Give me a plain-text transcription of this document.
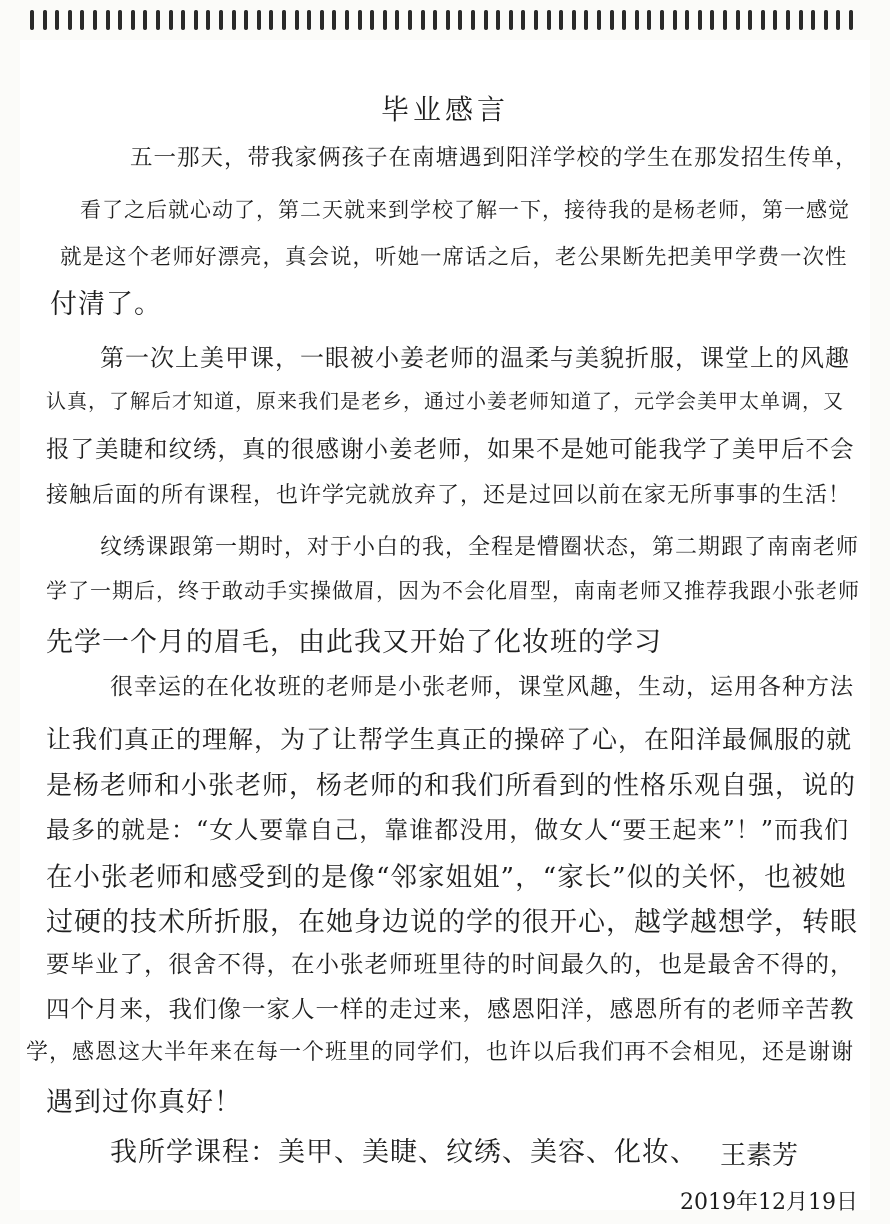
毕业感言
五一那天，带我家俩孩子在南塘遇到阳洋学校的学生在那发招生传单，
看了之后就心动了，第二天就来到学校了解一下，接待我的是杨老师，第一感觉
就是这个老师好漂亮，真会说，听她一席话之后，老公果断先把美甲学费一次性
付清了。
第一次上美甲课，一眼被小姜老师的温柔与美貌折服，课堂上的风趣
认真，了解后才知道，原来我们是老乡，通过小姜老师知道了，元学会美甲太单调，又
报了美睫和纹绣，真的很感谢小姜老师，如果不是她可能我学了美甲后不会
接触后面的所有课程，也许学完就放弃了，还是过回以前在家无所事事的生活！
纹绣课跟第一期时，对于小白的我，全程是懵圈状态，第二期跟了南南老师
学了一期后，终于敢动手实操做眉，因为不会化眉型，南南老师又推荐我跟小张老师
先学一个月的眉毛，由此我又开始了化妆班的学习
很幸运的在化妆班的老师是小张老师，课堂风趣，生动，运用各种方法
让我们真正的理解，为了让帮学生真正的操碎了心，在阳洋最佩服的就
是杨老师和小张老师，杨老师的和我们所看到的性格乐观自强，说的
最多的就是：“女人要靠自己，靠谁都没用，做女人“要王起来”！”而我们
在小张老师和感受到的是像“邻家姐姐”，“家长”似的关怀，也被她
过硬的技术所折服，在她身边说的学的很开心，越学越想学，转眼
要毕业了，很舍不得，在小张老师班里待的时间最久的，也是最舍不得的，
四个月来，我们像一家人一样的走过来，感恩阳洋，感恩所有的老师辛苦教
学，感恩这大半年来在每一个班里的同学们，也许以后我们再不会相见，还是谢谢
遇到过你真好！
我所学课程：美甲、美睫、纹绣、美容、化妆、 王素芳
2019年12月19日
